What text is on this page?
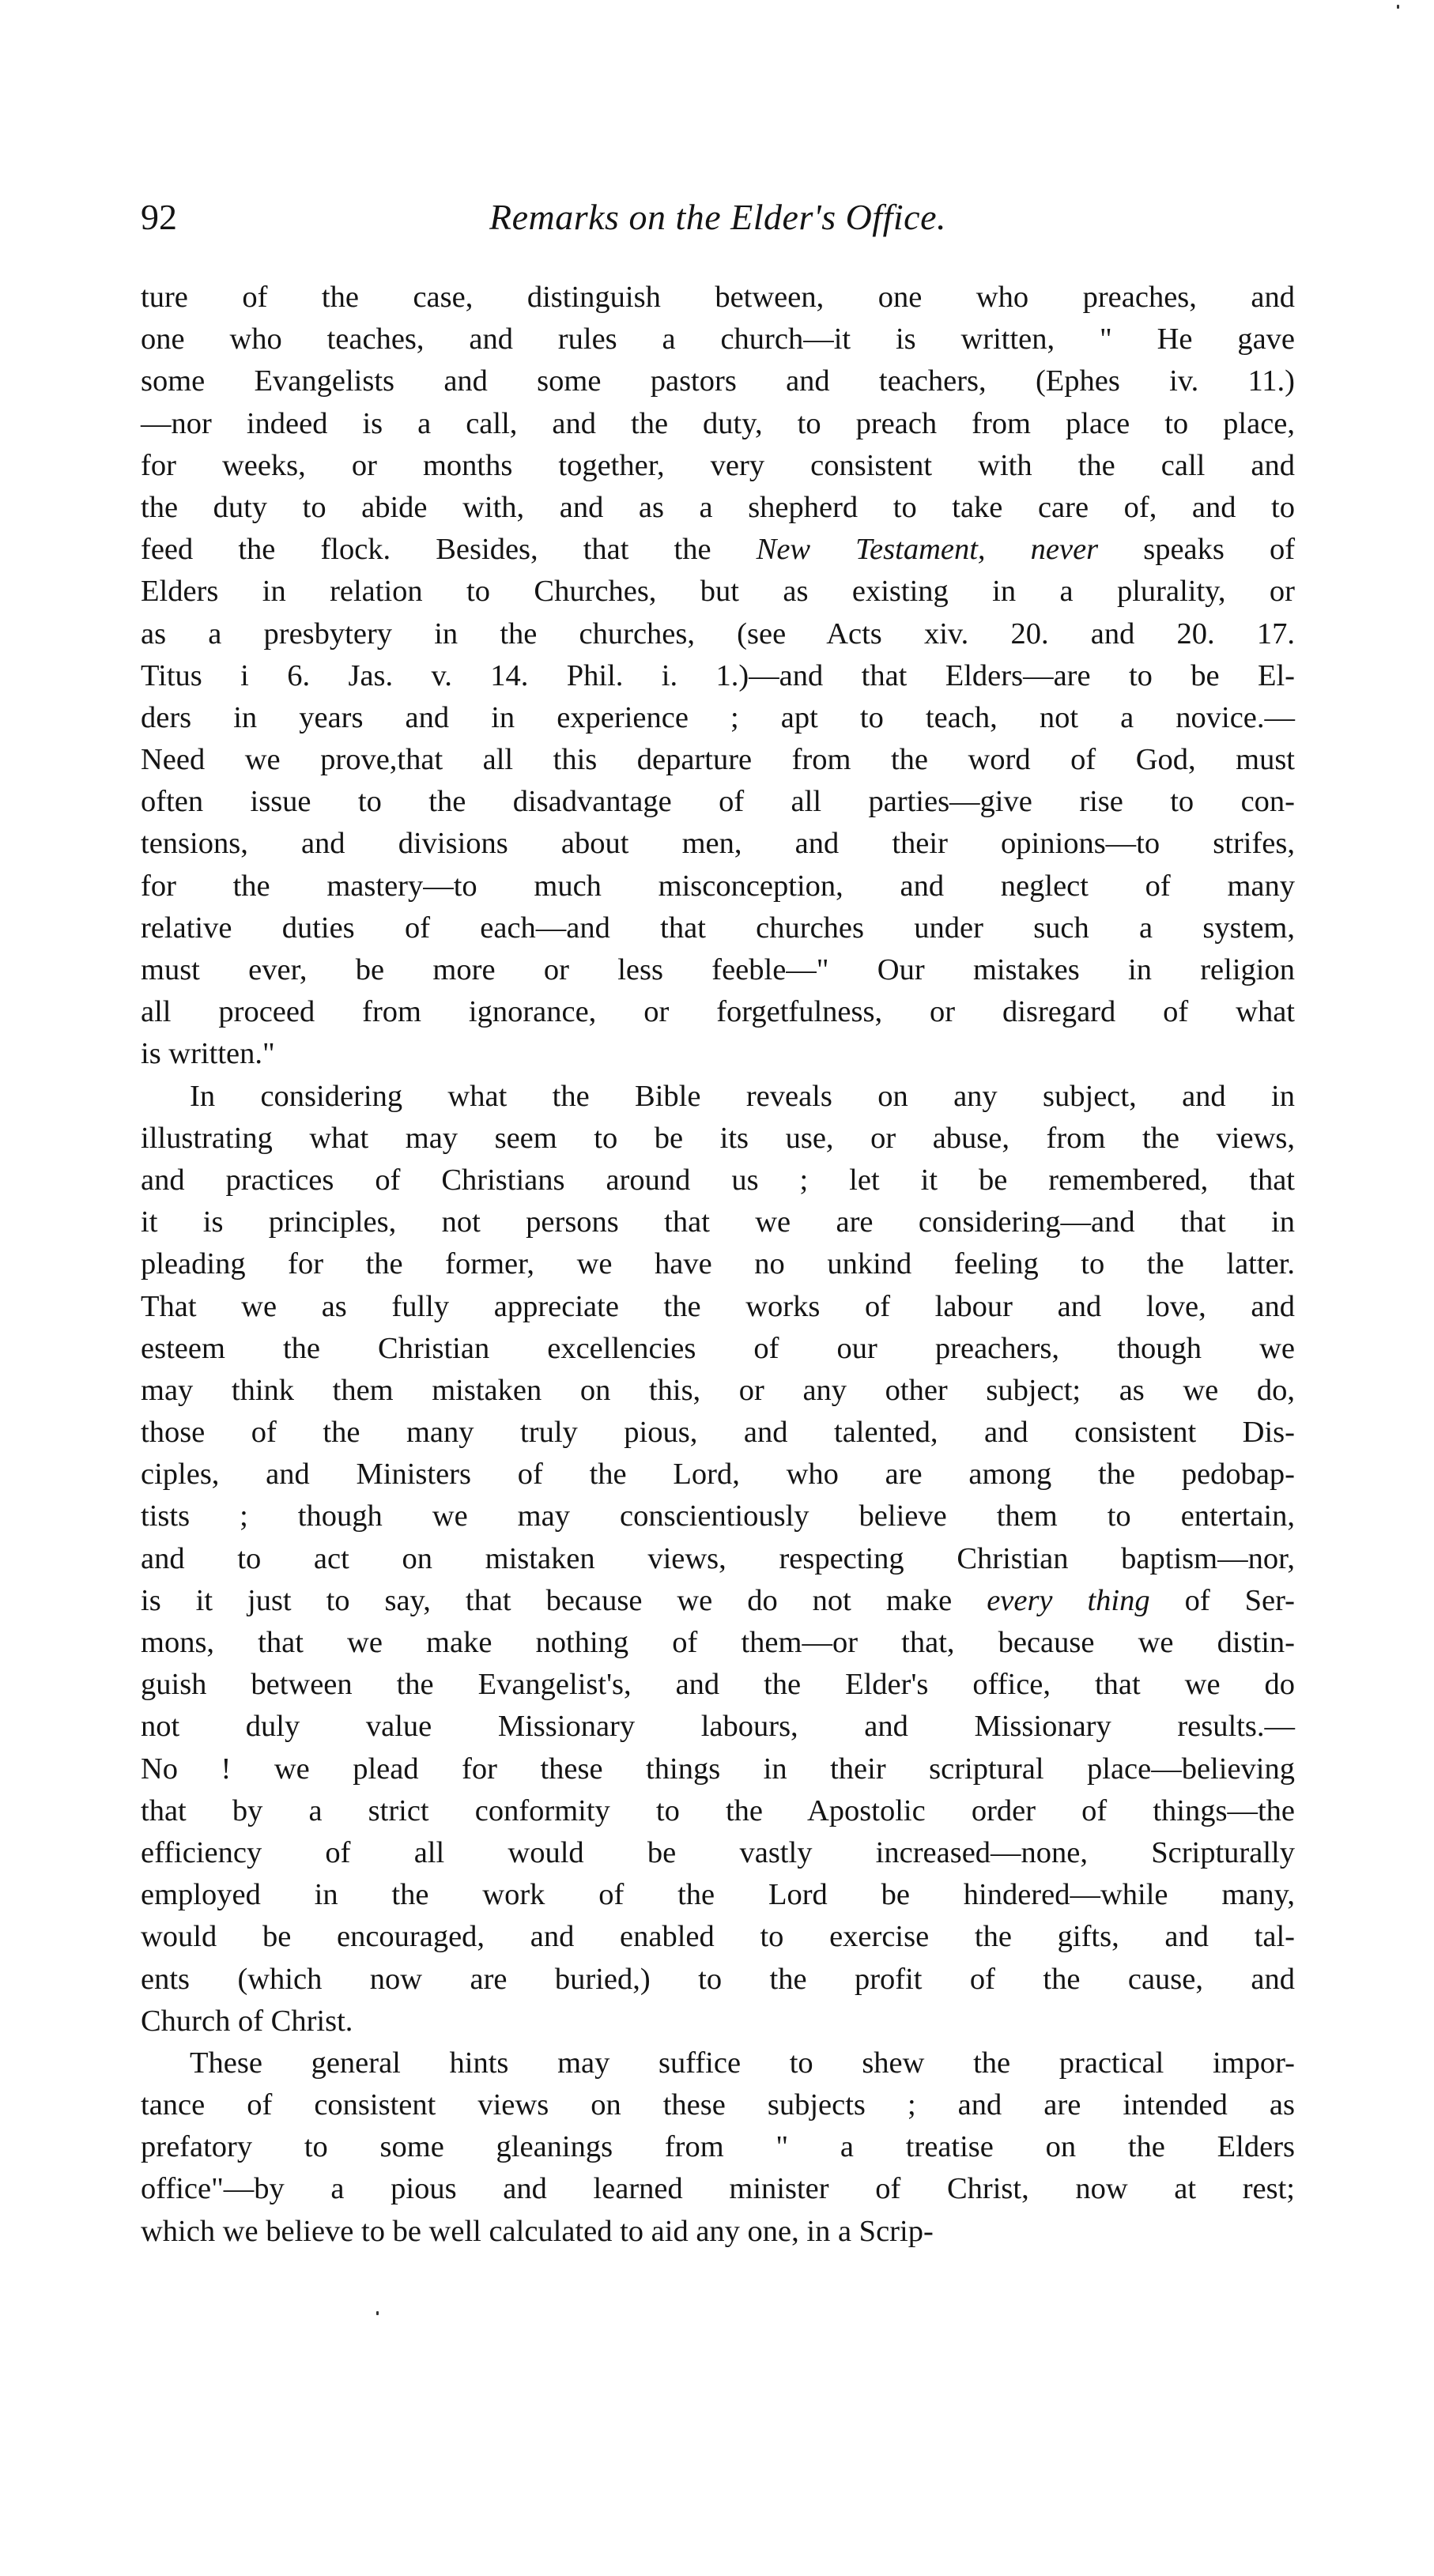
92	Remarks on the Elder's Office.
ture of the case, distinguish between, one who preaches, and
one who teaches, and rules a church—it is written, " He gave
some Evangelists and some pastors and teachers, (Ephes iv. 11.)
—nor indeed is a call, and the duty, to preach from place to place,
for weeks, or months together, very consistent with the call and
the duty to abide with, and as a shepherd to take care of, and to
feed the flock. Besides, that the New Testament, never speaks of
Elders in relation to Churches, but as existing in a plurality, or
as a presbytery in the churches, (see Acts xiv. 20. and 20. 17.
Titus i 6. Jas. v. 14. Phil. i. 1.)—and that Elders—are to be El-
ders in years and in experience ; apt to teach, not a novice.—
Need we prove,that all this departure from the word of God, must
often issue to the disadvantage of all parties—give rise to con-
tensions, and divisions about men, and their opinions—to strifes,
for the mastery—to much misconception, and neglect of many
relative duties of each—and that churches under such a system,
must ever, be more or less feeble—" Our mistakes in religion
all proceed from ignorance, or forgetfulness, or disregard of what
is written."
In considering what the Bible reveals on any subject, and in
illustrating what may seem to be its use, or abuse, from the views,
and practices of Christians around us ; let it be remembered, that
it is principles, not persons that we are considering—and that in
pleading for the former, we have no unkind feeling to the latter.
That we as fully appreciate the works of labour and love, and
esteem the Christian excellencies of our preachers, though we
may think them mistaken on this, or any other subject; as we do,
those of the many truly pious, and talented, and consistent Dis-
ciples, and Ministers of the Lord, who are among the pedobap-
tists ; though we may conscientiously believe them to entertain,
and to act on mistaken views, respecting Christian baptism—nor,
is it just to say, that because we do not make every thing of Ser-
mons, that we make nothing of them—or that, because we distin-
guish between the Evangelist's, and the Elder's office, that we do
not duly value Missionary labours, and Missionary results.—
No ! we plead for these things in their scriptural place—believing
that by a strict conformity to the Apostolic order of things—the
efficiency of all would be vastly increased—none, Scripturally
employed in the work of the Lord be hindered—while many,
would be encouraged, and enabled to exercise the gifts, and tal-
ents (which now are buried,) to the profit of the cause, and
Church of Christ.
These general hints may suffice to shew the practical impor-
tance of consistent views on these subjects ; and are intended as
prefatory to some gleanings from " a treatise on the Elders
office"—by a pious and learned minister of Christ, now at rest;
which we believe to be well calculated to aid any one, in a Scrip-
